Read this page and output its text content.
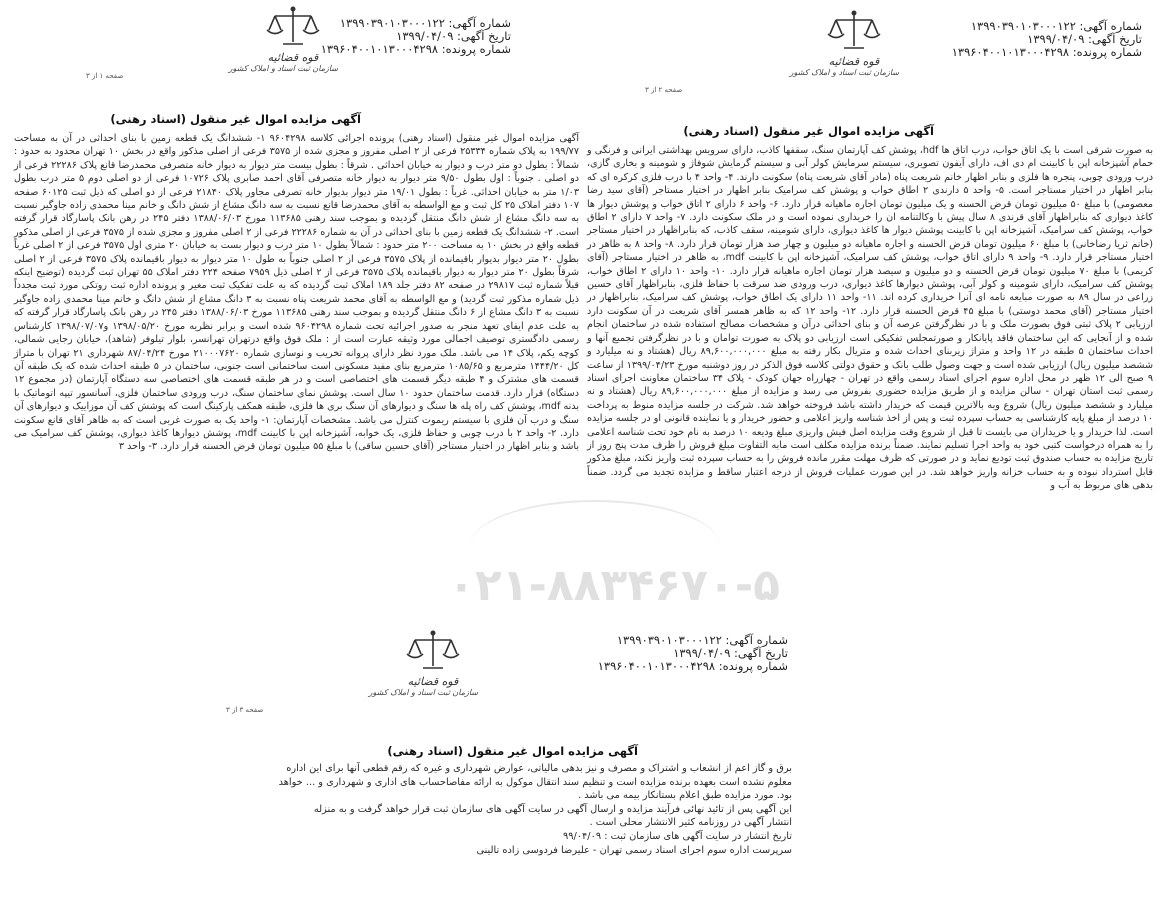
شماره آگهی: ۱۳۹۹۰۳۹۰۱۰۳۰۰۰۱۲۲
تاریخ آگهی: ۱۳۹۹/۰۴/۰۹
شماره پرونده: ۱۳۹۶۰۴۰۰۱۰۱۳۰۰۰۴۲۹۸
قوه قضائیه
سازمان ثبت اسناد و املاک کشور
صفحه ۱ از ۳
آگهی مزایده اموال غیر منقول (اسناد رهنی)

آگهی مزایده اموال غیر منقول (اسناد رهنی) پرونده اجرائی کلاسه ۹۶۰۴۲۹۸ ۱- ششدانگ یک قطعه زمین با بنای احداثی در آن به مساحت ۱۹۹/۷۷ به پلاک شماره ۲۵۳۳۴ فرعی از ۲ اصلی مفروز و مجزی شده از ۳۵۷۵ فرعی از اصلی مذکور واقع در بخش ۱۰ تهران محدود به حدود : شمالاً : بطول دو متر درب و دیوار به خیابان احداثی . شرقاً : بطول بیست متر دیوار به دیوار خانه متصرفی محمدرضا قانع پلاک ۲۲۲۸۶ فرعی از دو اصلی . جنوباً : اول بطول ۹/۵۰ متر دیوار به دیوار خانه متصرفی آقای احمد صابری پلاک ۱۰۷۲۶ فرعی از دو اصلی دوم ۵ متر درب بطول ۱/۰۳ متر به خیابان احداثی. غرباً : بطول ۱۹/۰۱ متر دیوار بدیوار خانه تصرفی مجاور پلاک ۲۱۸۴۰ فرعی از دو اصلی که ذیل ثبت ۶۰۱۲۵ صفحه ۱۰۷ دفتر املاک ۲۵ کل ثبت و مع الواسطه به آقای محمدرضا قانع نسبت به سه دانگ مشاع از شش دانگ و خانم مینا محمدی زاده جاوگیر نسبت به سه دانگ مشاع از شش دانگ منتقل گردیده و بموجب سند رهنی ۱۱۳۶۸۵ مورخ ۱۳۸۸/۰۶/۰۳ دفتر ۲۴۵ در رهن بانک پاسارگاد قرار گرفته است. ۲- ششدانگ یک قطعه زمین با بنای احداثی در آن به شماره ۲۲۲۸۶ فرعی از ۲ اصلی مفروز و مجزی شده از ۳۵۷۵ فرعی از اصلی مذکور قطعه واقع در بخش ۱۰ به مساحت ۲۰۰ متر حدود : شمالاً بطول ۱۰ متر درب و دیوار بست به خیابان ۲۰ متری اول ۳۵۷۵ فرعی از ۲ اصلی غرباً بطول ۲۰ متر دیوار بدیوار باقیمانده از پلاک ۳۵۷۵ فرعی از ۲ اصلی جنوباً به طول ۱۰ متر دیوار به دیوار باقیمانده پلاک ۳۵۷۵ فرعی از ۲ اصلی شرقاً بطول ۲۰ متر دیوار به دیوار باقیمانده پلاک ۳۵۷۵ فرعی از ۲ اصلی ذیل ۷۹۵۹ صفحه ۲۲۴ دفتر املاک ۵۵ تهران ثبت گردیده (توضیح اینکه قبلاً شماره ثبت ۲۹۸۱۷ در صفحه ۸۲ دفتر جلد ۱۸۹ املاک ثبت گردیده که به علت تفکیک ثبت مغیر و پرونده اداره ثبت روتکی مورد ثبت مجدداً ذیل شماره مذکور ثبت گردید) و مع الواسطه به آقای محمد شریعت پناه نسبت به ۳ دانگ مشاع از شش دانگ و خانم مینا محمدی زاده جاوگیر نسبت به ۳ دانگ مشاع از ۶ دانگ منتقل گردیده و بموجب سند رهنی ۱۱۳۶۸۵ مورخ ۱۳۸۸/۰۶/۰۳ دفتر ۲۴۵ در رهن بانک پاسارگاد قرار گرفته که به علت عدم ایفای تعهد منجر به صدور اجرائیه تحت شماره ۹۶۰۴۲۹۸ شده است و برابر نظریه مورخ ۱۳۹۸/۰۵/۲۰ و۱۳۹۸/۰۷/۰۷ کارشناس رسمی دادگستری توصیف اجمالی مورد وثیقه عبارت است از : ملک فوق واقع درتهران تهرانسر، بلوار تیلوفر (شاهد)، خیابان رجایی شمالی، کوچه یکم، پلاک ۱۴ می باشد. ملک مورد نظر دارای پروانه تخریب و نوسازی شماره ۲۱۰۰۰۷۶۲۰ مورخ ۸۷/۰۴/۲۴ شهرداری ۲۱ تهران با متراژ کل ۱۴۴۴/۲۰ مترمربع و ۱۰۸۵/۶۵ مترمربع بنای مفید مسکونی است ساختمانی است جنوبی، ساختمان در ۵ طبقه احداث شده که یک طبقه آن قسمت های مشترک و ۴ طبقه دیگر قسمت های اختصاصی است و در هر طبقه قسمت های اختصاصی سه دستگاه آپارتمان (در مجموع ۱۲ دستگاه) قرار دارد. قدمت ساختمان حدود ۱۰ سال است. پوشش نمای ساختمان سنگ، درب ورودی ساختمان فلزی، آسانسور تیپه اتوماتیک با بدنه mdf، پوشش کف راه پله ها سنگ و دیوارهای آن سنگ بری ها فلزی، طبقه همکف پارکینگ است که پوشش کف آن موزاییک و دیوارهای آن سنگ و درب آن فلزی با سیستم ریموت کنترل می باشد. مشخصات آپارتمان: ۱- واحد یک به صورت غربی است که به ظاهر آقای قانع سکونت دارد. ۲- واحد ۲ با درب چوبی و حفاظ فلزی، یک خوابه، آشپزخانه اپن با کابینت mdf، پوشش دیوارها کاغذ دیواری، پوشش کف سرامیک می باشد و بنابر اظهار در اختیار مستاجر (آقای حسین ساقی) با مبلغ ۵۵ میلیون تومان قرض الحسنه قرار دارد. ۳- واحد ۳

شماره آگهی: ۱۳۹۹۰۳۹۰۱۰۳۰۰۰۱۲۲
تاریخ آگهی: ۱۳۹۹/۰۴/۰۹
شماره پرونده: ۱۳۹۶۰۴۰۰۱۰۱۳۰۰۰۴۲۹۸
قوه قضائیه
سازمان ثبت اسناد و املاک کشور
صفحه ۲ از ۳
آگهی مزایده اموال غیر منقول (اسناد رهنی)

به صورت شرقی است با یک اتاق خواب، درب اتاق ها hdf، پوشش کف آپارتمان سنگ، سقفها کاذب، دارای سرویس بهداشتی ایرانی و فرنگی و حمام آشپزخانه اپن با کابینت ام دی اف، دارای آیفون تصویری، سیستم سرمایش کولر آبی و سیستم گرمایش شوفاژ و شومینه و بخاری گازی، درب ورودی چوبی، پنجره ها فلزی و بنابر اظهار خانم شریعت پناه (مادر آقای شریعت پناه) سکونت دارند. ۴- واحد ۴ با درب فلزی کرکره ای که بنابر اظهار در اختیار مستاجر است. ۵- واحد ۵ دارندی ۲ اطاق خواب و پوشش کف سرامیک بنابر اظهار در اختیار مستاجر (آقای سید رضا معصومی) با مبلغ ۵۰ میلیون تومان قرض الحسنه و یک میلیون تومان اجاره ماهیانه قرار دارد. ۶- واحد ۶ دارای ۲ اتاق خواب و پوشش دیوار ها کاغذ دیواری که بنابراظهار آقای قرندی ۸ سال پیش با وکالتنامه ان را خریداری نموده است و در ملک سکونت دارد. ۷- واحد ۷ دارای ۲ اطاق خواب، پوشش کف سرامیک، آشپزخانه اپن با کابینت پوشش دیوار ها کاغذ دیواری، دارای شومینه، سقف کاذب، که بنابراظهار در اختیار مستاجر (خانم ثریا رضاخانی) با مبلغ ۶۰ میلیون تومان قرض الحسنه و اجاره ماهیانه دو میلیون و چهار صد هزار تومان قرار دارد. ۸- واحد ۸ به ظاهر در اختیار مستاجر قرار دارد. ۹- واحد ۹ دارای اتاق خواب، پوشش کف سرامیک، آشپزخانه اپن با کابینت mdf، به ظاهر در اختیار مستاجر (آقای کریمی) با مبلغ ۷۰ میلیون تومان قرض الحسنه و دو میلیون و سیصد هزار تومان اجاره ماهیانه قرار دارد. ۱۰- واحد ۱۰ دارای ۲ اطاق خواب، پوشش کف سرامیک، دارای شومینه و کولر آبی، پوشش دیوارها کاغذ دیواری، درب ورودی ضد سرقت با حفاظ فلزی، بنابراظهار آقای حسین زراعی در سال ۸۹ به صورت مبایعه نامه ای آنرا خریداری کرده اند. ۱۱- واحد ۱۱ دارای یک اطاق خواب، پوشش کف سرامیک، بنابراظهار در اختیار مستاجر (آقای محمد دوستی) با مبلغ ۴۵ قرض الحسنه قرار دارد. ۱۲- واحد ۱۲ که به ظاهر همسر آقای شریعت در آن سکونت دارد ارزیابی ۲ پلاک ثبتی فوق بصورت ملک و با در نظرگرفتن عرصه آن و بنای احداثی درآن و مشخصات مصالح استفاده شده در ساختمان انجام شده و از آنجایی که این ساختمان فاقد پایانکار و صورتمجلس تفکیکی است ارزیابی دو پلاک به صورت توامان و با در نظرگرفتن تجمیع آنها و احداث ساختمان ۵ طبقه در ۱۲ واحد و متراژ زیربنای احداث شده و متریال بکار رفته به مبلغ ۸۹,۶۰۰,۰۰۰,۰۰۰ ریال (هشتاد و نه میلیارد و ششصد میلیون ریال) ارزیابی شده است و جهت وصول طلب بانک و حقوق دولتی کلاسه فوق الذکر در روز دوشنبه مورخ ۱۳۹۹/۰۴/۲۳ از ساعت ۹ صبح الی ۱۲ ظهر در محل اداره سوم اجرای اسناد رسمی واقع در تهران - چهارراه جهان کودک - پلاک ۳۴ ساختمان معاونت اجرای اسناد رسمی ثبت استان تهران - سالن مزایده و از طریق مزایده حضوری بفروش می رسد و مزایده از مبلغ ۸۹,۶۰۰,۰۰۰,۰۰۰ ریال (هشتاد و نه میلیارد و ششصد میلیون ریال) شروع وبه بالاترین قیمت که خریدار داشته باشد فروخته خواهد شد. شرکت در جلسه مزایده منوط به پرداخت ۱۰ درصد از مبلغ پایه کارشناسی به حساب سپرده ثبت و پس از اخذ شناسه واریز اعلامی و حضور خریدار و یا نماینده قانونی او در جلسه مزایده است. لذا خریدار و یا خریداران می بایست تا قبل از شروع وقت مزایده اصل فیش واریزی مبلغ ودیعه ۱۰ درصد به نام خود تحت شناسه اعلامی را به همراه درخواست کتبی خود به واحد اجرا تسلیم نمایند. ضمناً برنده مزایده مکلف است مابه التفاوت مبلغ فروش را ظرف مدت پنج روز از تاریخ مزایده به حساب صندوق ثبت تودیع نماید و در صورتی که ظرف مهلت مقرر مانده فروش را به حساب سپرده ثبت واریز نکند، مبلغ مذکور قابل استرداد نبوده و به حساب خزانه واریز خواهد شد. در این صورت عملیات فروش از درجه اعتبار ساقط و مزایده تجدید می گردد. ضمناً بدهی های مربوط به آب و

۰۲۱-۸۸۳۴۶۷۰-۵
شماره آگهی: ۱۳۹۹۰۳۹۰۱۰۳۰۰۰۱۲۲
تاریخ آگهی: ۱۳۹۹/۰۴/۰۹
شماره پرونده: ۱۳۹۶۰۴۰۰۱۰۱۳۰۰۰۴۲۹۸
قوه قضائیه
سازمان ثبت اسناد و املاک کشور
صفحه ۳ از ۳
آگهی مزایده اموال غیر منقول (اسناد رهنی)

برق و گاز اعم از انشعاب و اشتراک و مصرف و نیز بدهی مالیاتی، عوارض شهرداری و غیره که رقم قطعی آنها برای این اداره

معلوم نشده است بعهده برنده مزایده است و تنظیم سند انتقال موکول به ارائه مفاصاحساب های اداری و شهرداری و ... خواهد

بود. مورد مزایده طبق اعلام بستانکار بیمه می باشد .

این آگهی پس از تائید نهائی فرآیند مزایده و ارسال آگهی در سایت آگهی های سازمان ثبت قرار خواهد گرفت و به منزله

انتشار آگهی در روزنامه کثیر الانتشار محلی است .

تاریخ انتشار در سایت آگهی های سازمان ثبت : ۹۹/۰۴/۰۹

سرپرست اداره سوم اجرای اسناد رسمی تهران - علیرضا فردوسی زاده تالینی
